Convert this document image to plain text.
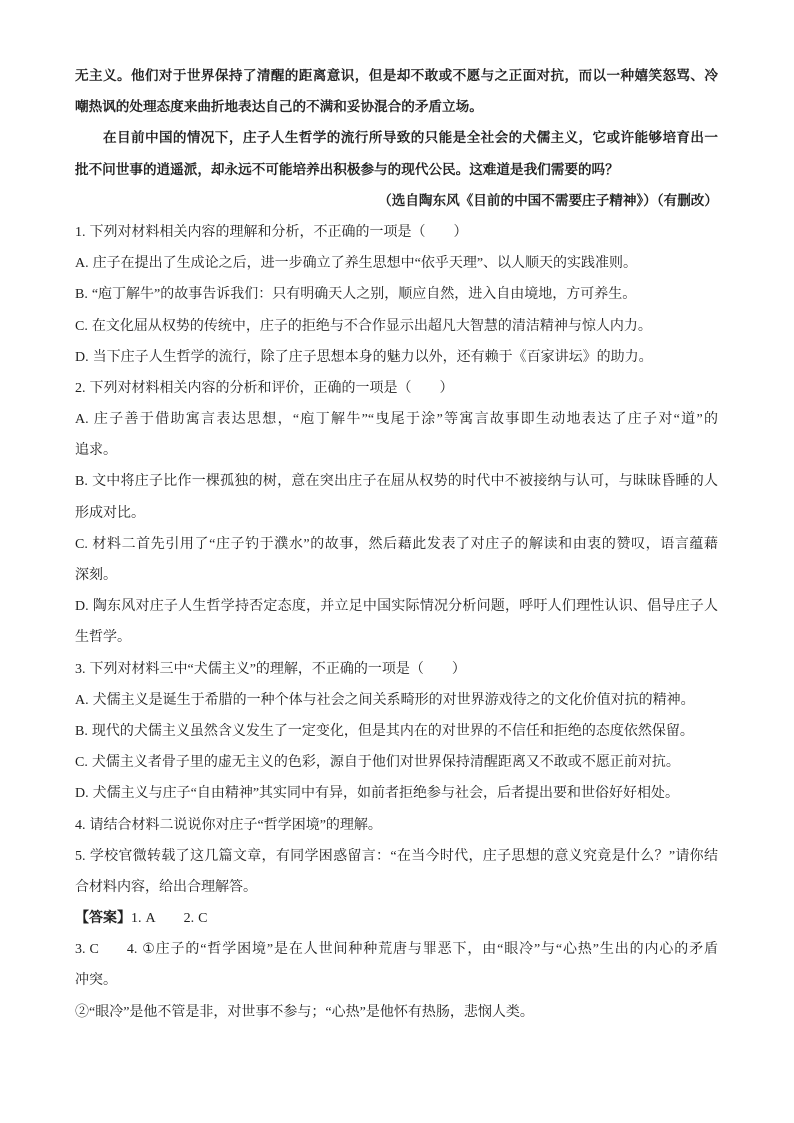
无主义。他们对于世界保持了清醒的距离意识，但是却不敢或不愿与之正面对抗，而以一种嬉笑怒骂、冷
嘲热讽的处理态度来曲折地表达自己的不满和妥协混合的矛盾立场。
在目前中国的情况下，庄子人生哲学的流行所导致的只能是全社会的犬儒主义，它或许能够培育出一
批不问世事的逍遥派，却永远不可能培养出积极参与的现代公民。这难道是我们需要的吗？
（选自陶东风《目前的中国不需要庄子精神》）（有删改）
1. 下列对材料相关内容的理解和分析，不正确的一项是（　　）
A. 庄子在提出了生成论之后，进一步确立了养生思想中“依乎天理”、以人顺天的实践准则。
B. “庖丁解牛”的故事告诉我们：只有明确天人之别，顺应自然，进入自由境地，方可养生。
C. 在文化屈从权势的传统中，庄子的拒绝与不合作显示出超凡大智慧的清洁精神与惊人内力。
D. 当下庄子人生哲学的流行，除了庄子思想本身的魅力以外，还有赖于《百家讲坛》的助力。
2. 下列对材料相关内容的分析和评价，正确的一项是（　　）
A. 庄子善于借助寓言表达思想，“庖丁解牛”“曳尾于涂”等寓言故事即生动地表达了庄子对“道”的
追求。
B. 文中将庄子比作一棵孤独的树，意在突出庄子在屈从权势的时代中不被接纳与认可，与昧昧昏睡的人
形成对比。
C. 材料二首先引用了“庄子钓于濮水”的故事，然后藉此发表了对庄子的解读和由衷的赞叹，语言蕴藉
深刻。
D. 陶东风对庄子人生哲学持否定态度，并立足中国实际情况分析问题，呼吁人们理性认识、倡导庄子人
生哲学。
3. 下列对材料三中“犬儒主义”的理解，不正确的一项是（　　）
A. 犬儒主义是诞生于希腊的一种个体与社会之间关系畸形的对世界游戏待之的文化价值对抗的精神。
B. 现代的犬儒主义虽然含义发生了一定变化，但是其内在的对世界的不信任和拒绝的态度依然保留。
C. 犬儒主义者骨子里的虚无主义的色彩，源自于他们对世界保持清醒距离又不敢或不愿正前对抗。
D. 犬儒主义与庄子“自由精神”其实同中有异，如前者拒绝参与社会，后者提出要和世俗好好相处。
4. 请结合材料二说说你对庄子“哲学困境”的理解。
5. 学校官微转载了这几篇文章，有同学困惑留言：“在当今时代，庄子思想的意义究竟是什么？”请你结
合材料内容，给出合理解答。
【答案】1. A 2. C
3. C 4. ①庄子的“哲学困境”是在人世间种种荒唐与罪恶下，由“眼冷”与“心热”生出的内心的矛盾
冲突。
②“眼冷”是他不管是非，对世事不参与；“心热”是他怀有热肠，悲悯人类。
